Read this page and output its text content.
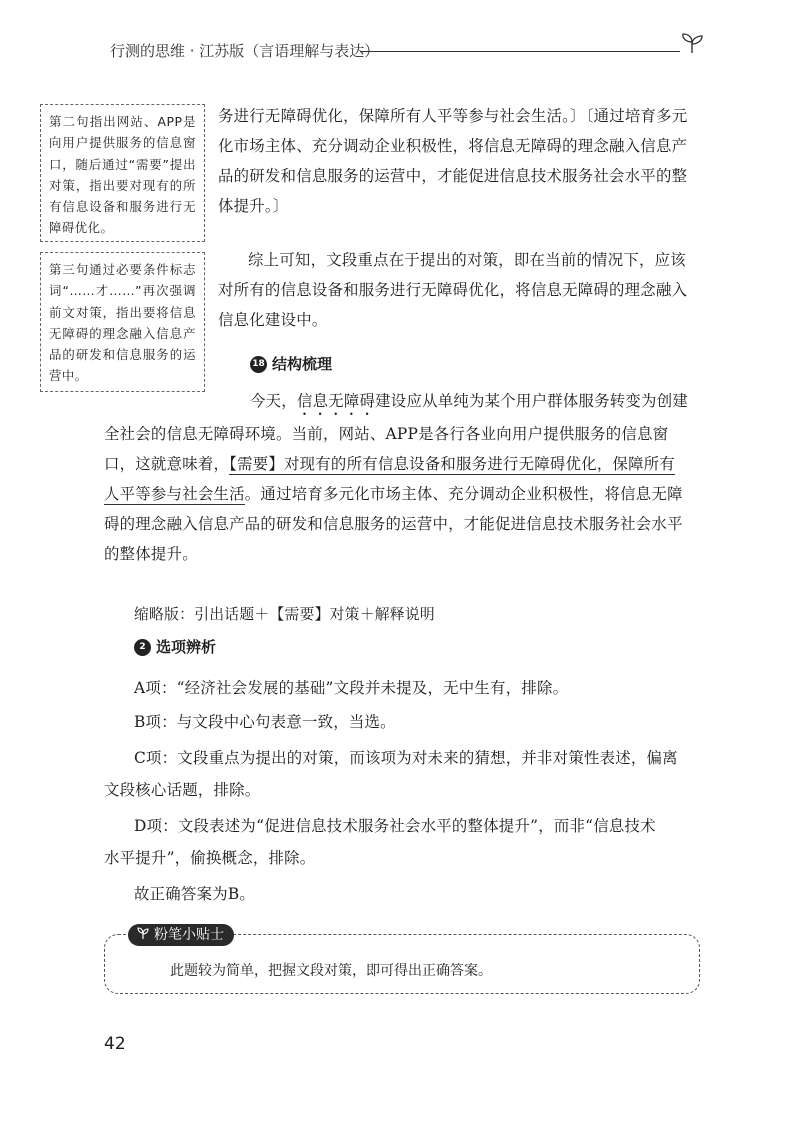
行测的思维 · 江苏版（言语理解与表达）
第二句指出网站、APP是向用户提供服务的信息窗口，随后通过“需要”提出对策，指出要对现有的所有信息设备和服务进行无障碍优化。
第三句通过必要条件标志词“……才……”再次强调前文对策，指出要将信息无障碍的理念融入信息产品的研发和信息服务的运营中。
务进行无障碍优化，保障所有人平等参与社会生活。〕〔通过培育多元
化市场主体、充分调动企业积极性，将信息无障碍的理念融入信息产
品的研发和信息服务的运营中，才能促进信息技术服务社会水平的整
体提升。〕
综上可知，文段重点在于提出的对策，即在当前的情况下，应该
对所有的信息设备和服务进行无障碍优化，将信息无障碍的理念融入
信息化建设中。
18 结构梳理
今天，信息无障碍建设应从单纯为某个用户群体服务转变为创建
全社会的信息无障碍环境。当前，网站、APP是各行各业向用户提供服务的信息窗
口，这就意味着，【需要】对现有的所有信息设备和服务进行无障碍优化，保障所有
人平等参与社会生活。通过培育多元化市场主体、充分调动企业积极性，将信息无障
碍的理念融入信息产品的研发和信息服务的运营中，才能促进信息技术服务社会水平
的整体提升。
缩略版：引出话题＋【需要】对策＋解释说明
2 选项辨析
A项：“经济社会发展的基础”文段并未提及，无中生有，排除。
B项：与文段中心句表意一致，当选。
C项：文段重点为提出的对策，而该项为对未来的猜想，并非对策性表述，偏离
文段核心话题，排除。
D项：文段表述为“促进信息技术服务社会水平的整体提升”，而非“信息技术
水平提升”，偷换概念，排除。
故正确答案为B。
粉笔小贴士
此题较为简单，把握文段对策，即可得出正确答案。
42
